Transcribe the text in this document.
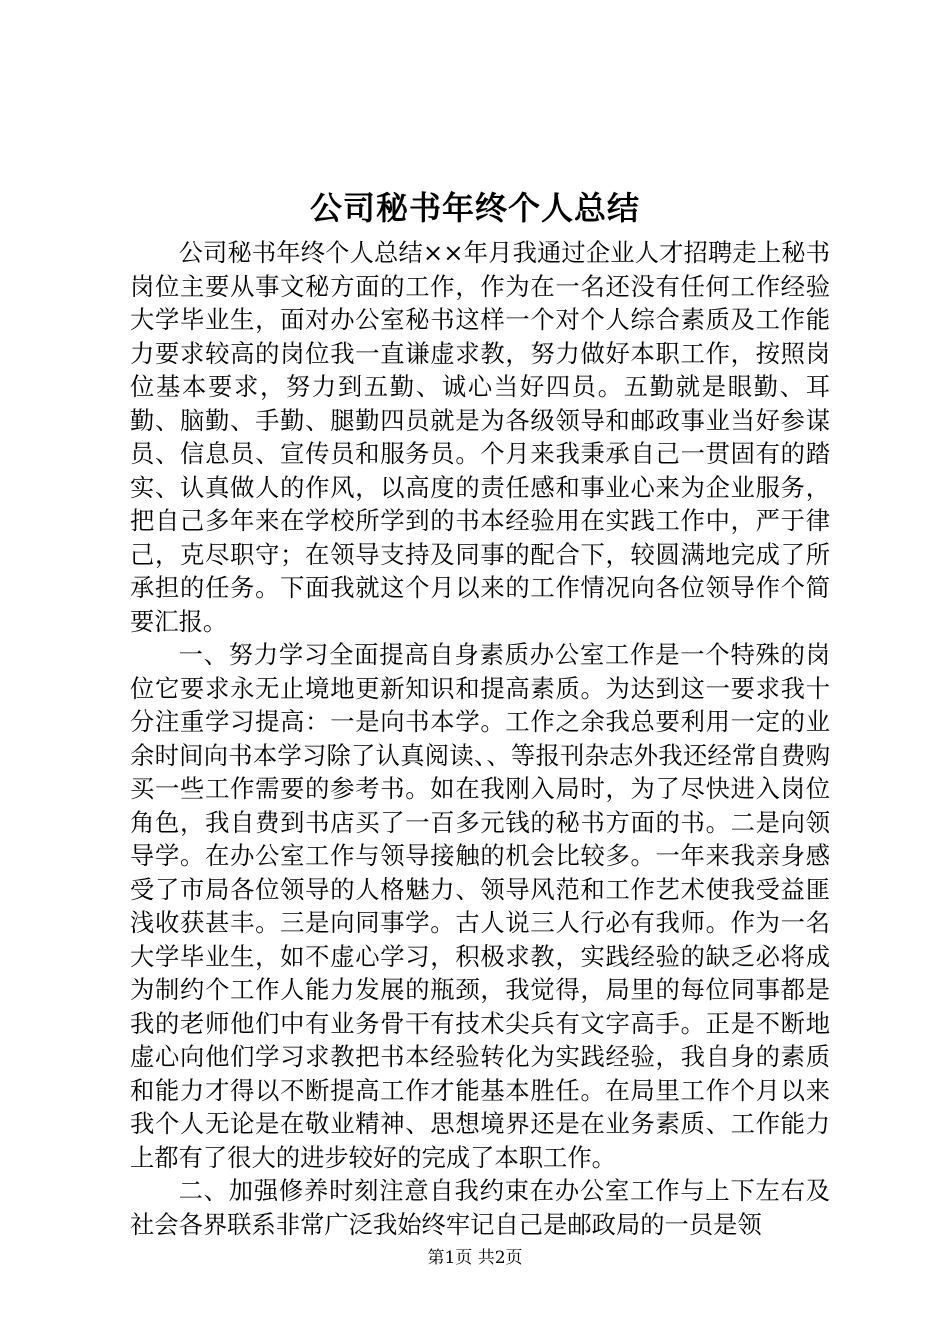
公司秘书年终个人总结

公司秘书年终个人总结××年月我通过企业人才招聘走上秘书岗位主要从事文秘方面的工作，作为在一名还没有任何工作经验大学毕业生，面对办公室秘书这样一个对个人综合素质及工作能力要求较高的岗位我一直谦虚求教，努力做好本职工作，按照岗位基本要求，努力到五勤、诚心当好四员。五勤就是眼勤、耳勤、脑勤、手勤、腿勤四员就是为各级领导和邮政事业当好参谋员、信息员、宣传员和服务员。个月来我秉承自己一贯固有的踏实、认真做人的作风，以高度的责任感和事业心来为企业服务，把自己多年来在学校所学到的书本经验用在实践工作中，严于律己，克尽职守；在领导支持及同事的配合下，较圆满地完成了所承担的任务。下面我就这个月以来的工作情况向各位领导作个简要汇报。

一、努力学习全面提高自身素质办公室工作是一个特殊的岗位它要求永无止境地更新知识和提高素质。为达到这一要求我十分注重学习提高：一是向书本学。工作之余我总要利用一定的业余时间向书本学习除了认真阅读、、等报刊杂志外我还经常自费购买一些工作需要的参考书。如在我刚入局时，为了尽快进入岗位角色，我自费到书店买了一百多元钱的秘书方面的书。二是向领导学。在办公室工作与领导接触的机会比较多。一年来我亲身感受了市局各位领导的人格魅力、领导风范和工作艺术使我受益匪浅收获甚丰。三是向同事学。古人说三人行必有我师。作为一名大学毕业生，如不虚心学习，积极求教，实践经验的缺乏必将成为制约个工作人能力发展的瓶颈，我觉得，局里的每位同事都是我的老师他们中有业务骨干有技术尖兵有文字高手。正是不断地虚心向他们学习求教把书本经验转化为实践经验，我自身的素质和能力才得以不断提高工作才能基本胜任。在局里工作个月以来我个人无论是在敬业精神、思想境界还是在业务素质、工作能力上都有了很大的进步较好的完成了本职工作。

二、加强修养时刻注意自我约束在办公室工作与上下左右及社会各界联系非常广泛我始终牢记自己是邮政局的一员是领

第1页 共2页
